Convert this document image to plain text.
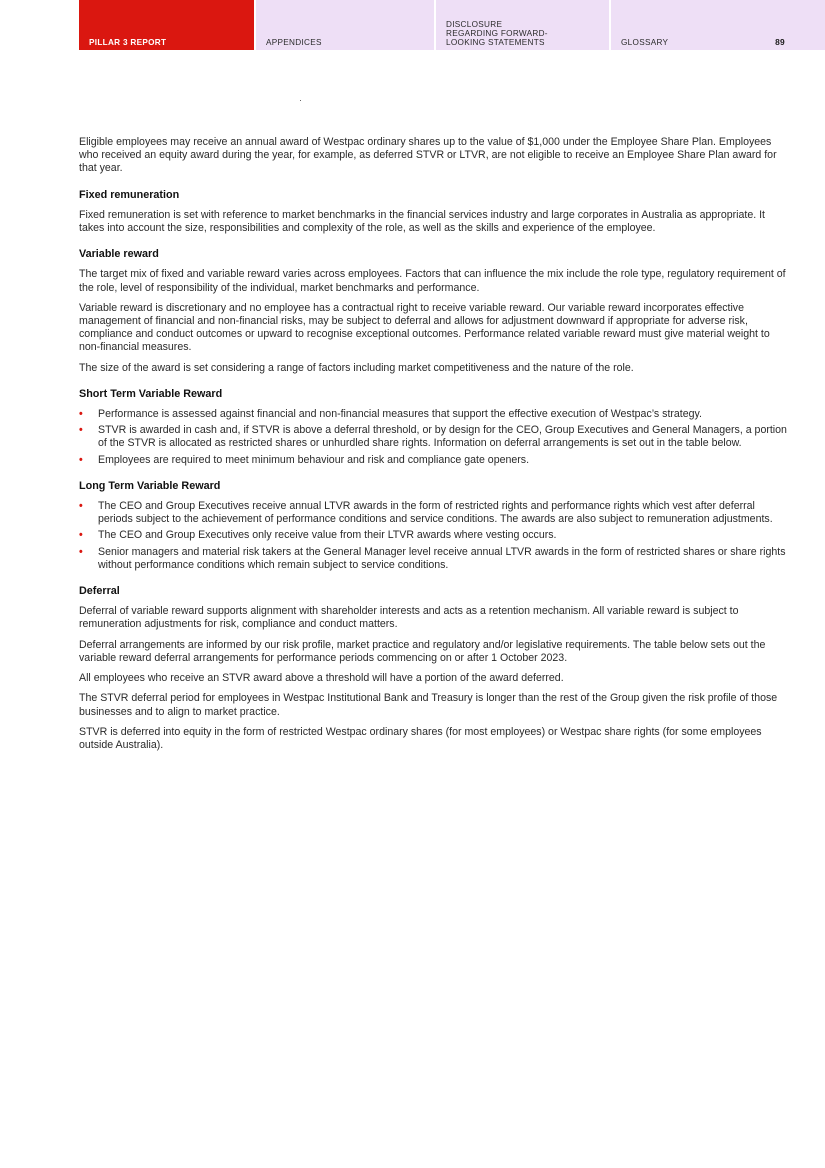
PILLAR 3 REPORT	APPENDICES
DISCLOSURE
REGARDING FORWARD-
LOOKING STATEMENTS	GLOSSARY	89

Eligible employees may receive an annual award of Westpac ordinary shares up to the value of $1,000 under the Employee Share Plan. Employees who received an equity award during the year, for example, as deferred STVR or LTVR, are not eligible to receive an Employee Share Plan award for that year.

Fixed remuneration

Fixed remuneration is set with reference to market benchmarks in the financial services industry and large corporates in Australia as appropriate. It takes into account the size, responsibilities and complexity of the role, as well as the skills and experience of the employee.

Variable reward

The target mix of fixed and variable reward varies across employees. Factors that can influence the mix include the role type, regulatory requirement of the role, level of responsibility of the individual, market benchmarks and performance.

Variable reward is discretionary and no employee has a contractual right to receive variable reward. Our variable reward incorporates effective management of financial and non-financial risks, may be subject to deferral and allows for adjustment downward if appropriate for adverse risk, compliance and conduct outcomes or upward to recognise exceptional outcomes. Performance related variable reward must give material weight to non-financial measures.

The size of the award is set considering a range of factors including market competitiveness and the nature of the role.

Short Term Variable Reward
• Performance is assessed against financial and non-financial measures that support the effective execution of Westpac’s strategy.
• STVR is awarded in cash and, if STVR is above a deferral threshold, or by design for the CEO, Group Executives and General Managers, a portion of the STVR is allocated as restricted shares or unhurdled share rights. Information on deferral arrangements is set out in the table below.
• Employees are required to meet minimum behaviour and risk and compliance gate openers.
Long Term Variable Reward
• The CEO and Group Executives receive annual LTVR awards in the form of restricted rights and performance rights which vest after deferral periods subject to the achievement of performance conditions and service conditions. The awards are also subject to remuneration adjustments.
• The CEO and Group Executives only receive value from their LTVR awards where vesting occurs.
• Senior managers and material risk takers at the General Manager level receive annual LTVR awards in the form of restricted shares or share rights without performance conditions which remain subject to service conditions.
Deferral

Deferral of variable reward supports alignment with shareholder interests and acts as a retention mechanism. All variable reward is subject to remuneration adjustments for risk, compliance and conduct matters.

Deferral arrangements are informed by our risk profile, market practice and regulatory and/or legislative requirements. The table below sets out the variable reward deferral arrangements for performance periods commencing on or after 1 October 2023.

All employees who receive an STVR award above a threshold will have a portion of the award deferred.

The STVR deferral period for employees in Westpac Institutional Bank and Treasury is longer than the rest of the Group given the risk profile of those businesses and to align to market practice.

STVR is deferred into equity in the form of restricted Westpac ordinary shares (for most employees) or Westpac share rights (for some employees outside Australia).
